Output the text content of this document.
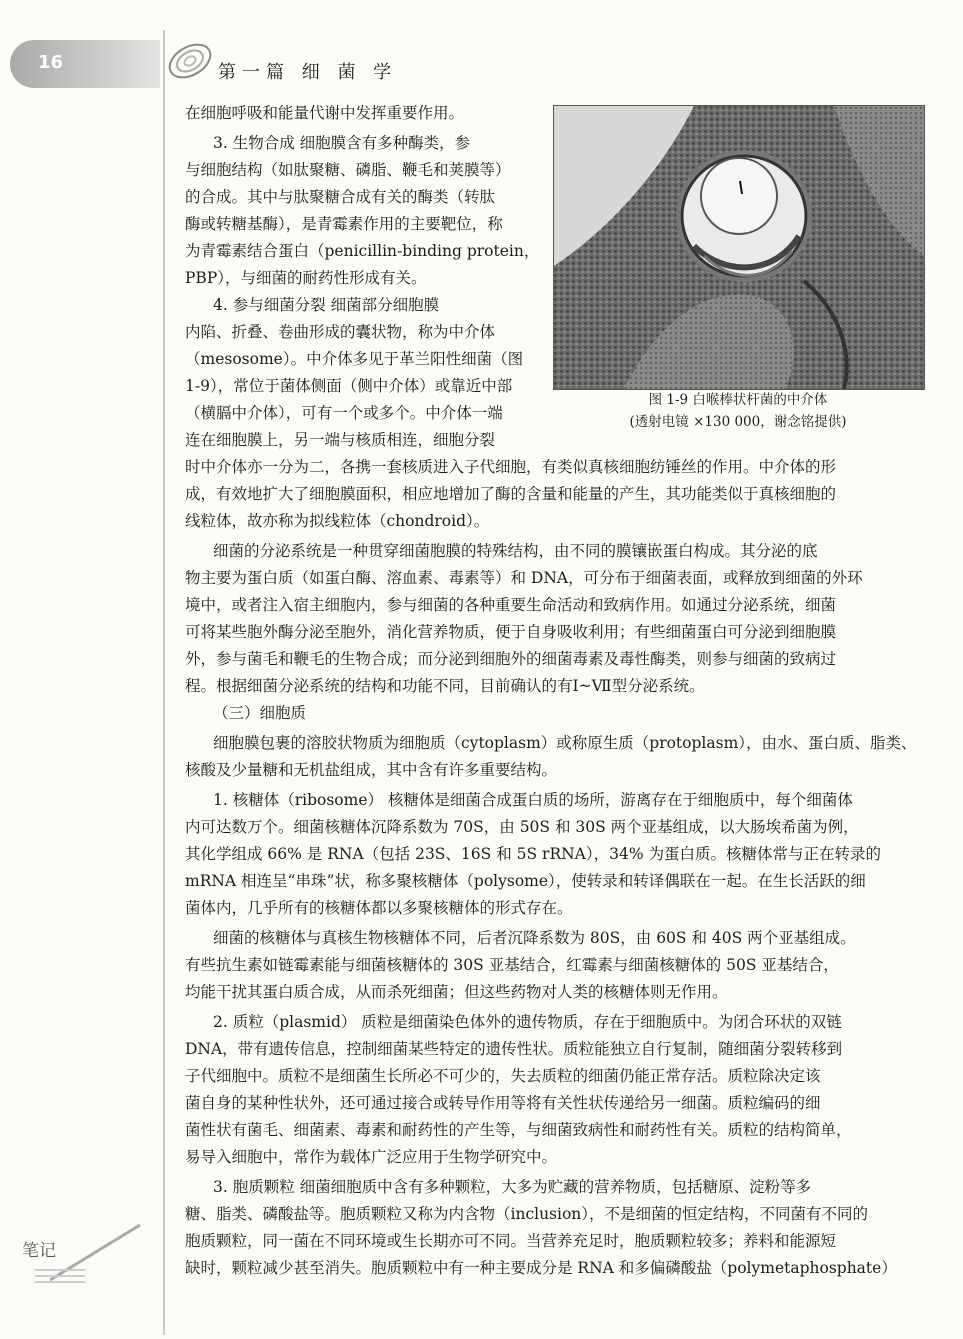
16	第一篇 细 菌 学
图 1-9 白喉棒状杆菌的中介体
(透射电镜 ×130 000，谢念铭提供)
在细胞呼吸和能量代谢中发挥重要作用。
3. 生物合成 细胞膜含有多种酶类，参
与细胞结构（如肽聚糖、磷脂、鞭毛和荚膜等）
的合成。其中与肽聚糖合成有关的酶类（转肽
酶或转糖基酶），是青霉素作用的主要靶位，称
为青霉素结合蛋白（penicillin-binding protein，
PBP），与细菌的耐药性形成有关。
4. 参与细菌分裂 细菌部分细胞膜
内陷、折叠、卷曲形成的囊状物，称为中介体
（mesosome）。中介体多见于革兰阳性细菌（图
1-9），常位于菌体侧面（侧中介体）或靠近中部
（横膈中介体），可有一个或多个。中介体一端
连在细胞膜上，另一端与核质相连，细胞分裂
时中介体亦一分为二，各携一套核质进入子代细胞，有类似真核细胞纺锤丝的作用。中介体的形
成，有效地扩大了细胞膜面积，相应地增加了酶的含量和能量的产生，其功能类似于真核细胞的
线粒体，故亦称为拟线粒体（chondroid）。
细菌的分泌系统是一种贯穿细菌胞膜的特殊结构，由不同的膜镶嵌蛋白构成。其分泌的底
物主要为蛋白质（如蛋白酶、溶血素、毒素等）和 DNA，可分布于细菌表面，或释放到细菌的外环
境中，或者注入宿主细胞内，参与细菌的各种重要生命活动和致病作用。如通过分泌系统，细菌
可将某些胞外酶分泌至胞外，消化营养物质，便于自身吸收利用；有些细菌蛋白可分泌到细胞膜
外，参与菌毛和鞭毛的生物合成；而分泌到细胞外的细菌毒素及毒性酶类，则参与细菌的致病过
程。根据细菌分泌系统的结构和功能不同，目前确认的有Ⅰ~Ⅶ型分泌系统。
（三）细胞质
细胞膜包裹的溶胶状物质为细胞质（cytoplasm）或称原生质（protoplasm），由水、蛋白质、脂类、
核酸及少量糖和无机盐组成，其中含有许多重要结构。
1. 核糖体（ribosome） 核糖体是细菌合成蛋白质的场所，游离存在于细胞质中，每个细菌体
内可达数万个。细菌核糖体沉降系数为 70S，由 50S 和 30S 两个亚基组成，以大肠埃希菌为例，
其化学组成 66% 是 RNA（包括 23S、16S 和 5S rRNA），34% 为蛋白质。核糖体常与正在转录的
mRNA 相连呈“串珠”状，称多聚核糖体（polysome），使转录和转译偶联在一起。在生长活跃的细
菌体内，几乎所有的核糖体都以多聚核糖体的形式存在。
细菌的核糖体与真核生物核糖体不同，后者沉降系数为 80S，由 60S 和 40S 两个亚基组成。
有些抗生素如链霉素能与细菌核糖体的 30S 亚基结合，红霉素与细菌核糖体的 50S 亚基结合，
均能干扰其蛋白质合成，从而杀死细菌；但这些药物对人类的核糖体则无作用。
2. 质粒（plasmid） 质粒是细菌染色体外的遗传物质，存在于细胞质中。为闭合环状的双链
DNA，带有遗传信息，控制细菌某些特定的遗传性状。质粒能独立自行复制，随细菌分裂转移到
子代细胞中。质粒不是细菌生长所必不可少的，失去质粒的细菌仍能正常存活。质粒除决定该
菌自身的某种性状外，还可通过接合或转导作用等将有关性状传递给另一细菌。质粒编码的细
菌性状有菌毛、细菌素、毒素和耐药性的产生等，与细菌致病性和耐药性有关。质粒的结构简单，
易导入细胞中，常作为载体广泛应用于生物学研究中。
3. 胞质颗粒 细菌细胞质中含有多种颗粒，大多为贮藏的营养物质，包括糖原、淀粉等多
糖、脂类、磷酸盐等。胞质颗粒又称为内含物（inclusion），不是细菌的恒定结构，不同菌有不同的
胞质颗粒，同一菌在不同环境或生长期亦可不同。当营养充足时，胞质颗粒较多；养料和能源短
缺时，颗粒减少甚至消失。胞质颗粒中有一种主要成分是 RNA 和多偏磷酸盐（polymetaphosphate）
笔记
